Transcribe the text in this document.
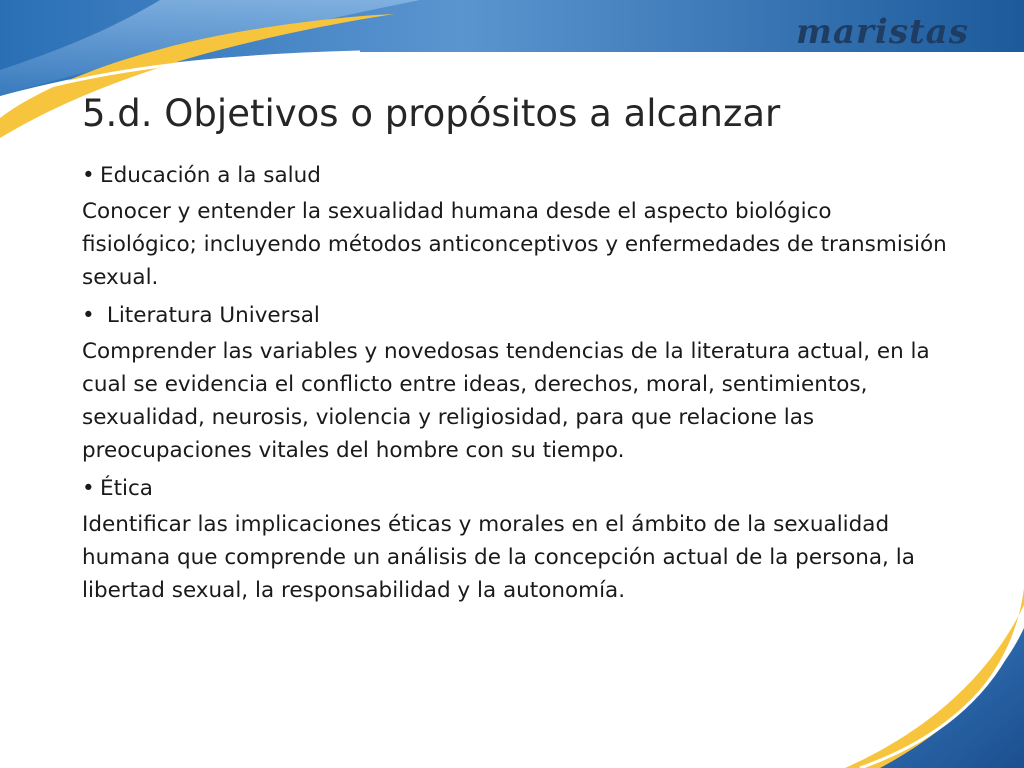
maristas
5.d. Objetivos o propósitos a alcanzar

• Educación a la salud

Conocer y entender la sexualidad humana desde el aspecto biológico fisiológico; incluyendo métodos anticonceptivos y enfermedades de transmisión sexual.

• Literatura Universal

Comprender las variables y novedosas tendencias de la literatura actual, en la cual se evidencia el conflicto entre ideas, derechos, moral, sentimientos, sexualidad, neurosis, violencia y religiosidad, para que relacione las preocupaciones vitales del hombre con su tiempo.

• Ética

Identificar las implicaciones éticas y morales en el ámbito de la sexualidad humana que comprende un análisis de la concepción actual de la persona, la libertad sexual, la responsabilidad y la autonomía.
